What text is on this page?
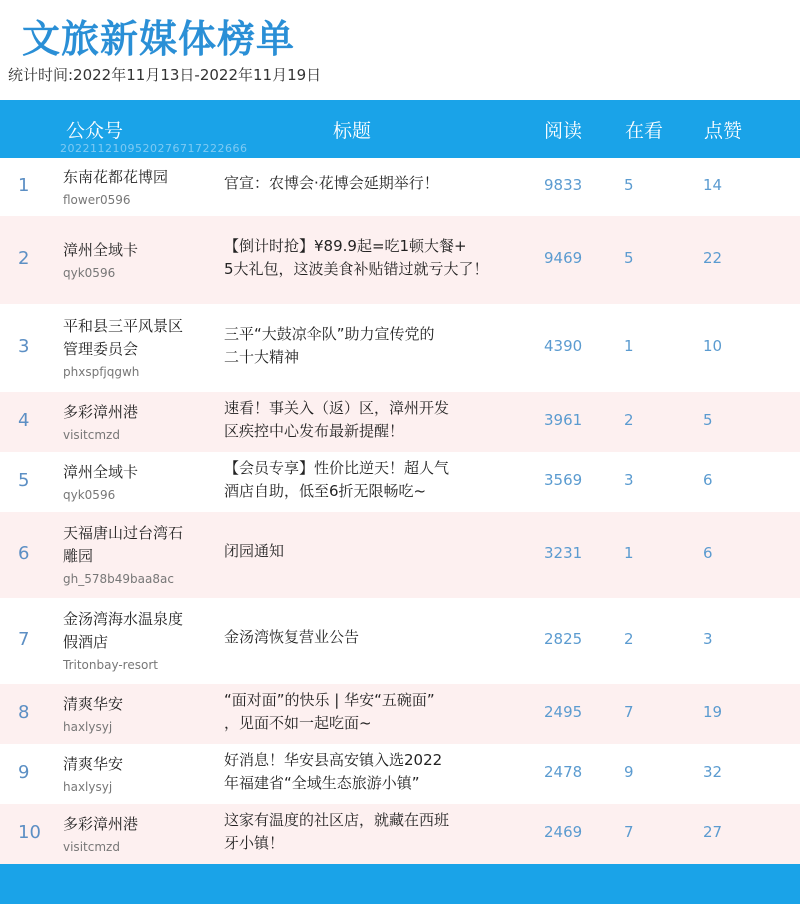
文旅新媒体榜单
统计时间:2022年11月13日-2022年11月19日
公众号	标题	阅读 在看 点赞
2022112109520276717222666
1 东南花都花博园
flower0596
官宣：农博会·花博会延期举行！	9833	5	14
2 漳州全域卡
qyk0596
【倒计时抢】¥89.9起=吃1顿大餐+
5大礼包，这波美食补贴错过就亏大了！
9469	5	22
3
平和县三平风景区
管理委员会
phxspfjqgwh
三平“大鼓凉伞队”助力宣传党的
二十大精神
4390	1	10
4 多彩漳州港
visitcmzd
速看！事关入（返）区，漳州开发
区疾控中心发布最新提醒！
3961	2	5
5 漳州全域卡
qyk0596
【会员专享】性价比逆天！超人气
酒店自助，低至6折无限畅吃~
3569	3	6
6
天福唐山过台湾石
雕园
gh_578b49baa8ac
闭园通知	3231	1	6
7
金汤湾海水温泉度
假酒店
Tritonbay-resort
金汤湾恢复营业公告	2825	2	3
8 清爽华安
haxlysyj
“面对面”的快乐 | 华安“五碗面”
，见面不如一起吃面~
2495	7	19
9 清爽华安
haxlysyj
好消息！华安县高安镇入选2022
年福建省“全域生态旅游小镇”
2478	9	32
10 多彩漳州港
visitcmzd
这家有温度的社区店，就藏在西班
牙小镇！
2469	7	27
